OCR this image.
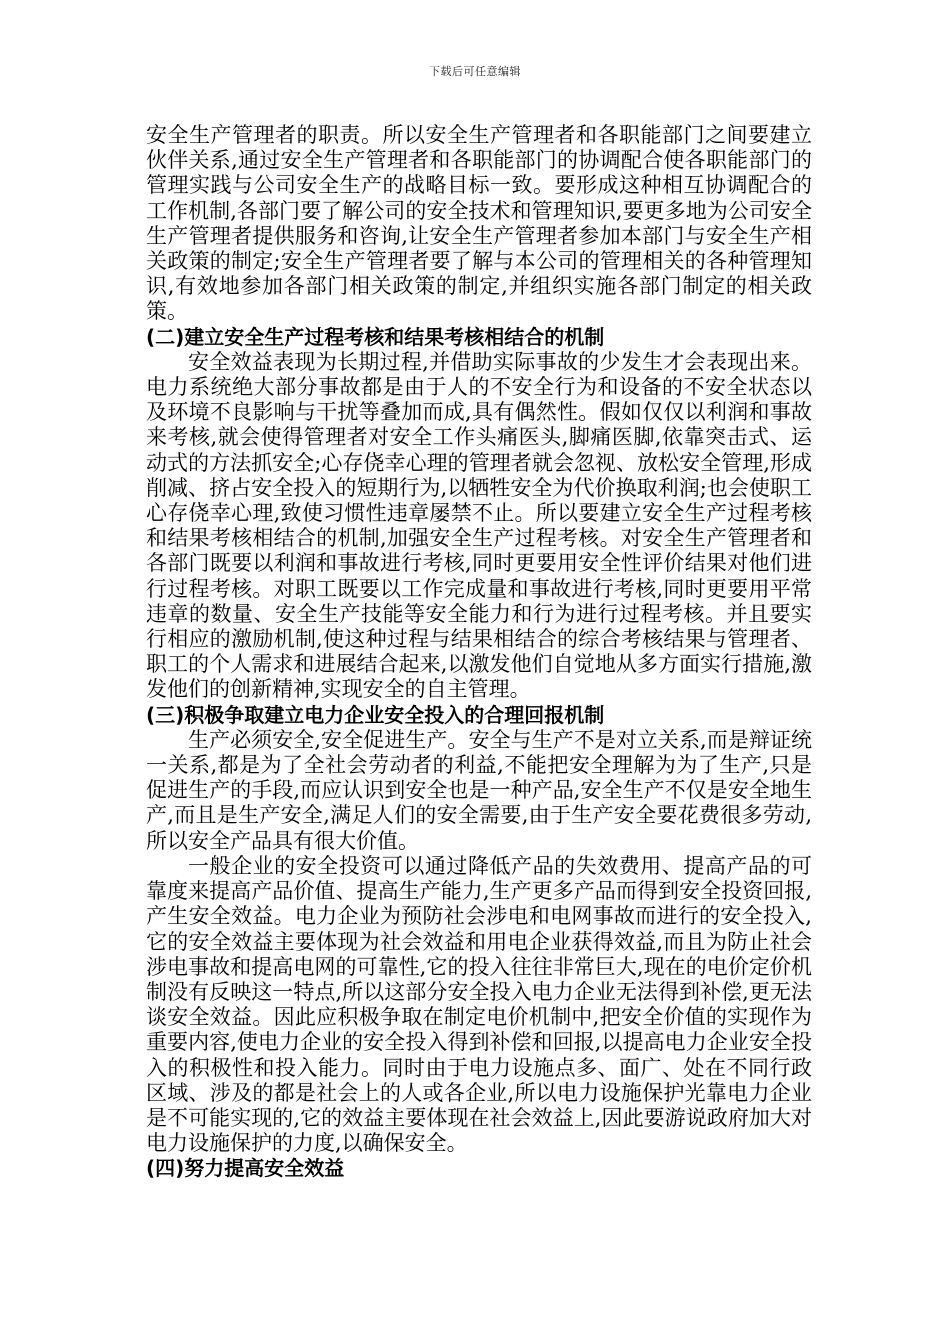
下载后可任意编辑

安全生产管理者的职责。所以安全生产管理者和各职能部门之间要建立伙伴关系,通过安全生产管理者和各职能部门的协调配合使各职能部门的管理实践与公司安全生产的战略目标一致。要形成这种相互协调配合的工作机制,各部门要了解公司的安全技术和管理知识,要更多地为公司安全生产管理者提供服务和咨询,让安全生产管理者参加本部门与安全生产相关政策的制定;安全生产管理者要了解与本公司的管理相关的各种管理知识,有效地参加各部门相关政策的制定,并组织实施各部门制定的相关政策。

(二)建立安全生产过程考核和结果考核相结合的机制

安全效益表现为长期过程,并借助实际事故的少发生才会表现出来。电力系统绝大部分事故都是由于人的不安全行为和设备的不安全状态以及环境不良影响与干扰等叠加而成,具有偶然性。假如仅仅以利润和事故来考核,就会使得管理者对安全工作头痛医头,脚痛医脚,依靠突击式、运动式的方法抓安全;心存侥幸心理的管理者就会忽视、放松安全管理,形成削减、挤占安全投入的短期行为,以牺牲安全为代价换取利润;也会使职工心存侥幸心理,致使习惯性违章屡禁不止。所以要建立安全生产过程考核和结果考核相结合的机制,加强安全生产过程考核。对安全生产管理者和各部门既要以利润和事故进行考核,同时更要用安全性评价结果对他们进行过程考核。对职工既要以工作完成量和事故进行考核,同时更要用平常违章的数量、安全生产技能等安全能力和行为进行过程考核。并且要实行相应的激励机制,使这种过程与结果相结合的综合考核结果与管理者、职工的个人需求和进展结合起来,以激发他们自觉地从多方面实行措施,激发他们的创新精神,实现安全的自主管理。

(三)积极争取建立电力企业安全投入的合理回报机制

生产必须安全,安全促进生产。安全与生产不是对立关系,而是辩证统一关系,都是为了全社会劳动者的利益,不能把安全理解为为了生产,只是促进生产的手段,而应认识到安全也是一种产品,安全生产不仅是安全地生产,而且是生产安全,满足人们的安全需要,由于生产安全要花费很多劳动,所以安全产品具有很大价值。

一般企业的安全投资可以通过降低产品的失效费用、提高产品的可靠度来提高产品价值、提高生产能力,生产更多产品而得到安全投资回报,产生安全效益。电力企业为预防社会涉电和电网事故而进行的安全投入,它的安全效益主要体现为社会效益和用电企业获得效益,而且为防止社会涉电事故和提高电网的可靠性,它的投入往往非常巨大,现在的电价定价机制没有反映这一特点,所以这部分安全投入电力企业无法得到补偿,更无法谈安全效益。因此应积极争取在制定电价机制中,把安全价值的实现作为重要内容,使电力企业的安全投入得到补偿和回报,以提高电力企业安全投入的积极性和投入能力。同时由于电力设施点多、面广、处在不同行政区域、涉及的都是社会上的人或各企业,所以电力设施保护光靠电力企业是不可能实现的,它的效益主要体现在社会效益上,因此要游说政府加大对电力设施保护的力度,以确保安全。

(四)努力提高安全效益
